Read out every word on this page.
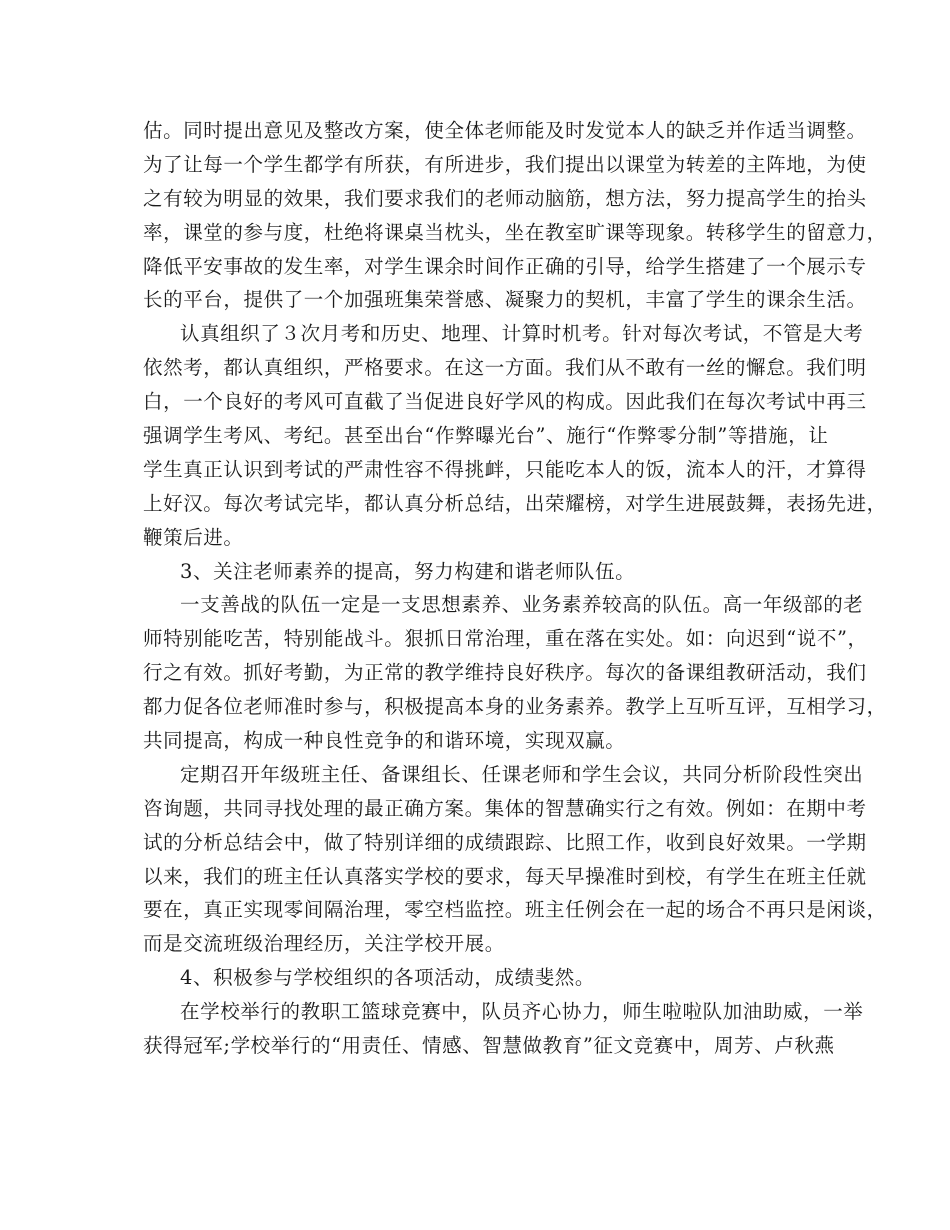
估。同时提出意见及整改方案，使全体老师能及时发觉本人的缺乏并作适当调整。
为了让每一个学生都学有所获，有所进步，我们提出以课堂为转差的主阵地，为使
之有较为明显的效果，我们要求我们的老师动脑筋，想方法，努力提高学生的抬头
率，课堂的参与度，杜绝将课桌当枕头，坐在教室旷课等现象。转移学生的留意力，
降低平安事故的发生率，对学生课余时间作正确的引导，给学生搭建了一个展示专
长的平台，提供了一个加强班集荣誉感、凝聚力的契机，丰富了学生的课余生活。
认真组织了３次月考和历史、地理、计算时机考。针对每次考试，不管是大考
依然考，都认真组织，严格要求。在这一方面。我们从不敢有一丝的懈怠。我们明
白，一个良好的考风可直截了当促进良好学风的构成。因此我们在每次考试中再三
强调学生考风、考纪。甚至出台“作弊曝光台”、施行“作弊零分制”等措施，让
学生真正认识到考试的严肃性容不得挑衅，只能吃本人的饭，流本人的汗，才算得
上好汉。每次考试完毕，都认真分析总结，出荣耀榜，对学生进展鼓舞，表扬先进，
鞭策后进。
3、关注老师素养的提高，努力构建和谐老师队伍。
一支善战的队伍一定是一支思想素养、业务素养较高的队伍。高一年级部的老
师特别能吃苦，特别能战斗。狠抓日常治理，重在落在实处。如：向迟到“说不”，
行之有效。抓好考勤，为正常的教学维持良好秩序。每次的备课组教研活动，我们
都力促各位老师准时参与，积极提高本身的业务素养。教学上互听互评，互相学习，
共同提高，构成一种良性竞争的和谐环境，实现双赢。
定期召开年级班主任、备课组长、任课老师和学生会议，共同分析阶段性突出
咨询题，共同寻找处理的最正确方案。集体的智慧确实行之有效。例如：在期中考
试的分析总结会中，做了特别详细的成绩跟踪、比照工作，收到良好效果。一学期
以来，我们的班主任认真落实学校的要求，每天早操准时到校，有学生在班主任就
要在，真正实现零间隔治理，零空档监控。班主任例会在一起的场合不再只是闲谈，
而是交流班级治理经历，关注学校开展。
4、积极参与学校组织的各项活动，成绩斐然。
在学校举行的教职工篮球竞赛中，队员齐心协力，师生啦啦队加油助威，一举
获得冠军;学校举行的“用责任、情感、智慧做教育”征文竞赛中，周芳、卢秋燕
